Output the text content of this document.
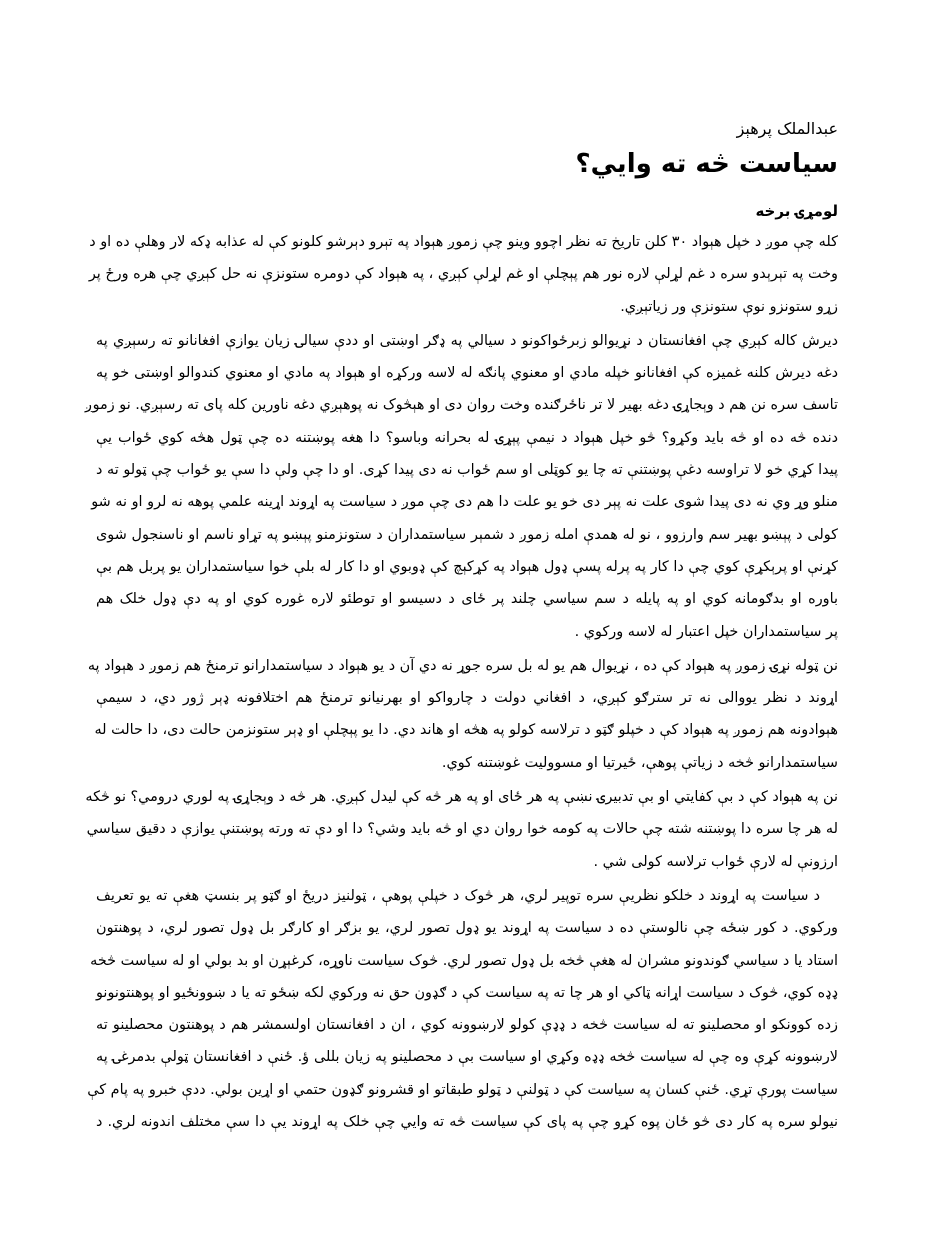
عبدالملک پرهېز
سیاست څه ته وايي؟
لومړۍ برخه
کله چې موږ د خپل هېواد ۳۰ کلن تاریخ ته نظر اچوو وینو چې زموږ هېواد په تېرو دېرشو کلونو کې له عذابه ډکه لار وهلې ده او د
وخت په تېرېدو سره د غم لړلې لاره نور هم پېچلې او غم لړلې کېږي ، په هېواد کې دومره ستونزې نه حل کېږي چې هره ورځ پر
زړو ستونزو نوې ستونزې ور زیاتېږي.
دیرش کاله کېږي چې افغانستان د نړیوالو زبرځواکونو د سیالي په ډګر اوښتی او ددې سیالۍ زیان یوازې افغانانو ته رسېږي په
دغه دیرش کلنه غمیزه کې افغانانو خپله مادي او معنوي پانګه له لاسه ورکړه او هېواد په مادي او معنوي کندوالو اوښتی خو په
تاسف سره نن هم د وېجاړۍ دغه بهیر لا تر ناځرګنده وخت روان دی او هېڅوک نه پوهېږي دغه ناورین کله پای ته رسېږي. نو زموږ
دنده څه ده او څه باید وکړو؟ څو خپل هېواد د نیمې پېړۍ له بحرانه وباسو؟ دا هغه پوښتنه ده چې ټول هڅه کوي ځواب يې
پیدا کړي خو لا تراوسه دغې پوښتنې ته چا یو کوټلی او سم ځواب نه دی پیدا کړی. او دا چې ولې دا سې یو ځواب چې ټولو ته د
منلو وړ وي نه دی پیدا شوی علت نه پېر دی خو یو علت دا هم دی چې موږ د سیاست په اړوند اړینه علمي پوهه نه لرو او نه شو
کولی د پېښو بهیر سم وارزوو ، نو له همدې امله زموږ د شمېر سیاستمداران د ستونزمنو پېښو په تړاو ناسم او ناسنجول شوی
کړنې او پرېکړې کوي چې دا کار په پرله پسې ډول هېواد په کړکېچ کې ډوبوي او دا کار له بلې خوا سیاستمداران یو پربل هم بې
باوره او بدګومانه کوي او په پایله د سم سیاسي چلند پر ځای د دسیسو او توطئو لاره غوره کوي او په دې ډول خلک هم
پر سیاستمداران خپل اعتبار له لاسه ورکوي .
نن ټوله نړۍ زموږ په هېواد کې ده ، نړیوال هم یو له بل سره جوړ نه دي آن د یو هېواد د سیاستمدارانو ترمنځ هم زموږ د هېواد په
اړوند د نظر یووالی نه تر سترګو کېږي، د افغاني دولت د چارواکو او بهرنیانو ترمنځ هم اختلافونه ډېر ژور دي، د سیمې
هېوادونه هم زموږ په هېواد کې د خپلو ګټو د ترلاسه کولو په هڅه او هاند دي. دا یو پېچلې او ډېر ستونزمن حالت دی، دا حالت له
سیاستمدارانو څخه د زیاتې پوهې، ځیرتیا او مسوولیت غوښتنه کوي.
نن په هېواد کې د بې کفایتي او بې تدبیرۍ نښې په هر ځای او په هر څه کې لیدل کېږي. هر څه د وېجاړۍ په لوري درومي؟ نو څکه
له هر چا سره دا پوښتنه شته چې حالات په کومه خوا روان دي او څه باید وشي؟ دا او دې ته ورته پوښتنې یوازې د دقیق سیاسي
ارزونې له لارې ځواب ترلاسه کولی شي .
د سیاست په اړوند د خلکو نظریې سره توپیر لري، هر څوک د خپلې پوهې ، ټولنیز دریځ او ګټو پر بنسټ هغې ته یو تعریف
ورکوي. د کور ښځه چې نالوستې ده د سیاست په اړوند یو ډول تصور لري، یو بزګر او کارګر بل ډول تصور لري، د پوهنتون
استاد یا د سیاسي ګوندونو مشران له هغې څخه بل ډول تصور لري. څوک سیاست ناوړه، کرغېړن او بد بولي او له سیاست څخه
ډډه کوي، څوک د سیاست اړانه ټاکي او هر چا ته په سیاست کې د ګډون حق نه ورکوي لکه ښځو ته یا د ښوونځیو او پوهنتونونو
زده کوونکو او محصلینو ته له سیاست څخه د ډډې کولو لارښوونه کوي ، ان د افغانستان اولسمشر هم د پوهنتون محصلینو ته
لارښوونه کړې وه چې له سیاست څخه ډډه وکړي او سیاست بې د محصلینو په زیان بللی ؤ. ځنې د افغانستان ټولې بدمرغۍ په
سیاست پورې تړي. ځنې کسان په سیاست کې د ټولنې د ټولو طبقاتو او قشرونو ګډون حتمي او اړین بولي. ددې خبرو په پام کې
نیولو سره په کار دی څو ځان پوه کړو چې په پای کې سیاست څه ته وایي چې خلک په اړوند یې دا سې مختلف اندونه لري. د
